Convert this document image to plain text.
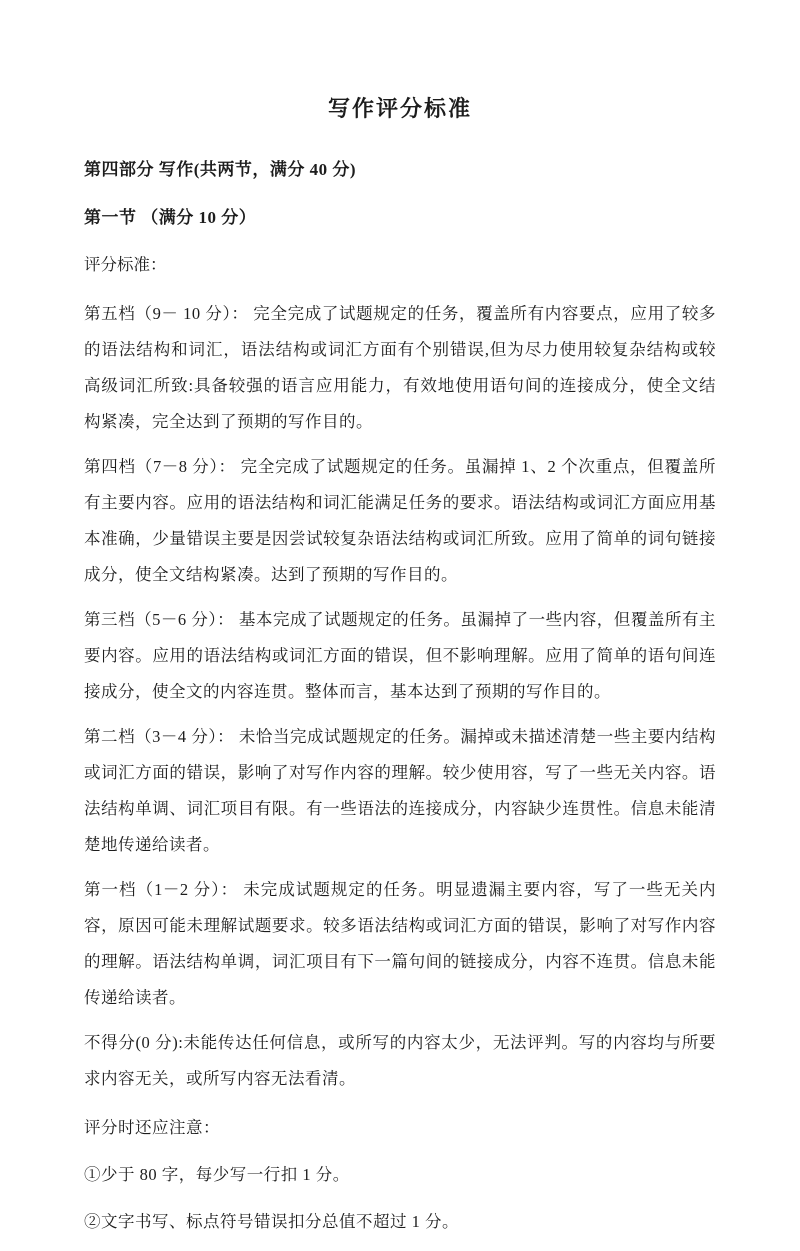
写作评分标准

第四部分 写作(共两节，满分 40 分)

第一节 （满分 10 分）

评分标准：

第五档（9－ 10 分）： 完全完成了试题规定的任务，覆盖所有内容要点，应用了较多的语法结构和词汇，语法结构或词汇方面有个别错误,但为尽力使用较复杂结构或较高级词汇所致:具备较强的语言应用能力，有效地使用语句间的连接成分，使全文结构紧凑，完全达到了预期的写作目的。

第四档（7－8 分）： 完全完成了试题规定的任务。虽漏掉 1、2 个次重点，但覆盖所有主要内容。应用的语法结构和词汇能满足任务的要求。语法结构或词汇方面应用基本准确，少量错误主要是因尝试较复杂语法结构或词汇所致。应用了简单的词句链接成分，使全文结构紧凑。达到了预期的写作目的。

第三档（5－6 分）： 基本完成了试题规定的任务。虽漏掉了一些内容，但覆盖所有主要内容。应用的语法结构或词汇方面的错误，但不影响理解。应用了简单的语句间连接成分，使全文的内容连贯。整体而言，基本达到了预期的写作目的。

第二档（3－4 分）： 未恰当完成试题规定的任务。漏掉或未描述清楚一些主要内结构或词汇方面的错误，影响了对写作内容的理解。较少使用容，写了一些无关内容。语法结构单调、词汇项目有限。有一些语法的连接成分，内容缺少连贯性。信息未能清楚地传递给读者。

第一档（1－2 分）： 未完成试题规定的任务。明显遗漏主要内容，写了一些无关内容，原因可能未理解试题要求。较多语法结构或词汇方面的错误，影响了对写作内容的理解。语法结构单调，词汇项目有下一篇句间的链接成分，内容不连贯。信息未能传递给读者。

不得分(0 分):未能传达任何信息，或所写的内容太少，无法评判。写的内容均与所要求内容无关，或所写内容无法看清。

评分时还应注意：

①少于 80 字，每少写一行扣 1 分。

②文字书写、标点符号错误扣分总值不超过 1 分。
